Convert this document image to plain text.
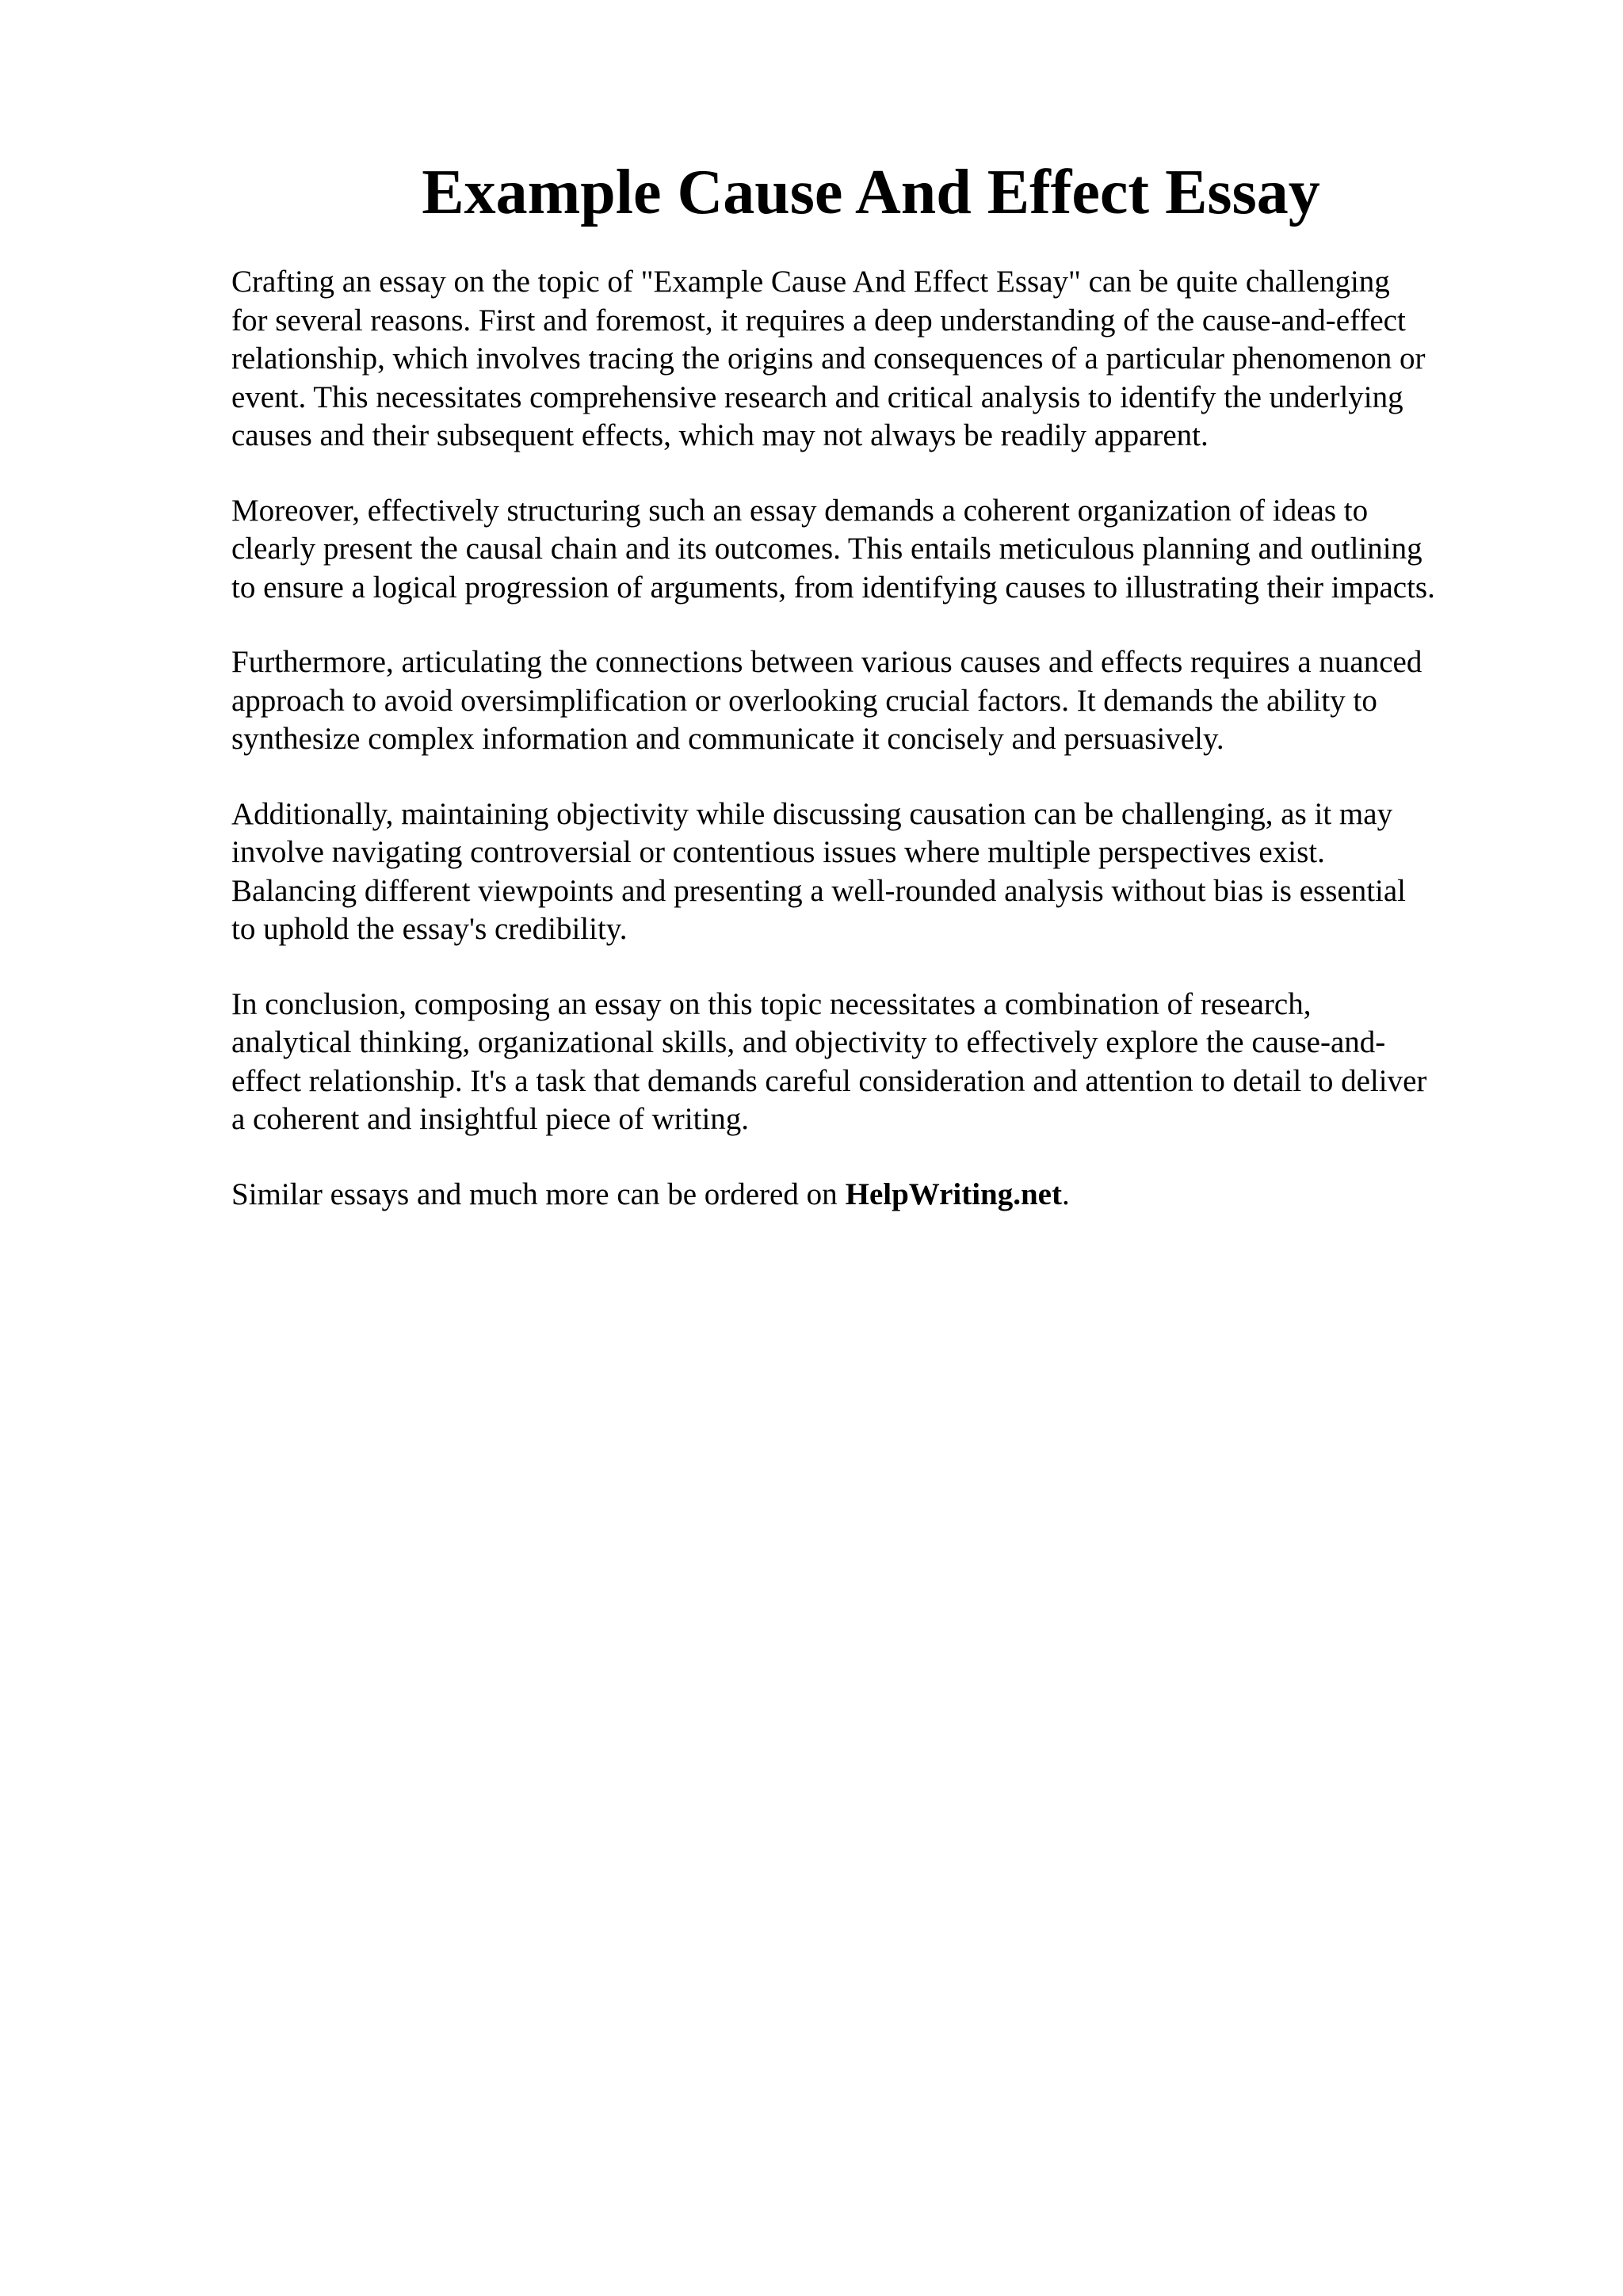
Example Cause And Effect Essay

Crafting an essay on the topic of "Example Cause And Effect Essay" can be quite challenging
for several reasons. First and foremost, it requires a deep understanding of the cause-and-effect
relationship, which involves tracing the origins and consequences of a particular phenomenon or
event. This necessitates comprehensive research and critical analysis to identify the underlying
causes and their subsequent effects, which may not always be readily apparent.

Moreover, effectively structuring such an essay demands a coherent organization of ideas to
clearly present the causal chain and its outcomes. This entails meticulous planning and outlining
to ensure a logical progression of arguments, from identifying causes to illustrating their impacts.

Furthermore, articulating the connections between various causes and effects requires a nuanced
approach to avoid oversimplification or overlooking crucial factors. It demands the ability to
synthesize complex information and communicate it concisely and persuasively.

Additionally, maintaining objectivity while discussing causation can be challenging, as it may
involve navigating controversial or contentious issues where multiple perspectives exist.
Balancing different viewpoints and presenting a well-rounded analysis without bias is essential
to uphold the essay's credibility.

In conclusion, composing an essay on this topic necessitates a combination of research,
analytical thinking, organizational skills, and objectivity to effectively explore the cause-and-
effect relationship. It's a task that demands careful consideration and attention to detail to deliver
a coherent and insightful piece of writing.

Similar essays and much more can be ordered on HelpWriting.net.
